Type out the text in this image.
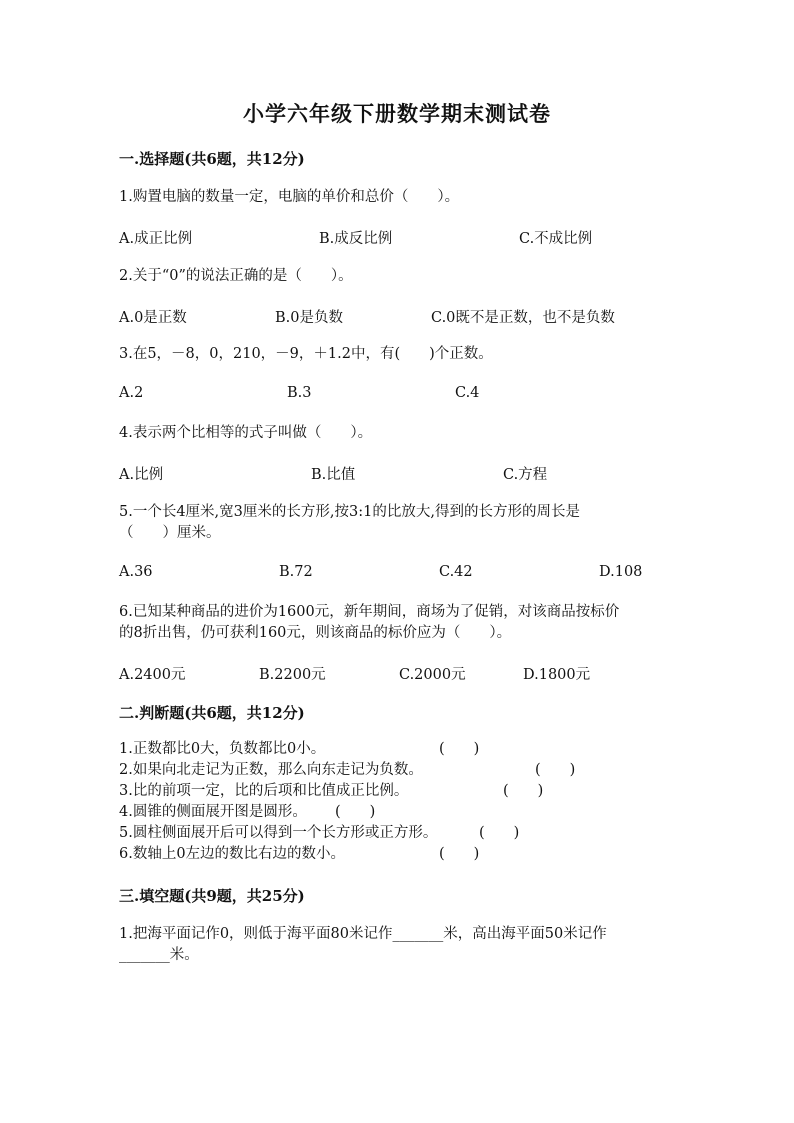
小学六年级下册数学期末测试卷
一.选择题(共6题，共12分)
1.购置电脑的数量一定，电脑的单价和总价（　　）。
A.成正比例	B.成反比例	C.不成比例
2.关于“0”的说法正确的是（　　）。
A.0是正数	B.0是负数	C.0既不是正数，也不是负数
3.在5，－8，0，210，－9，＋1.2中，有(　　)个正数。
A.2	B.3	C.4
4.表示两个比相等的式子叫做（　　）。
A.比例	B.比值	C.方程
5.一个长4厘米,宽3厘米的长方形,按3:1的比放大,得到的长方形的周长是
（　　）厘米。
A.36	B.72	C.42	D.108
6.已知某种商品的进价为1600元，新年期间，商场为了促销，对该商品按标价
的8折出售，仍可获利160元，则该商品的标价应为（　　）。
A.2400元	B.2200元	C.2000元	D.1800元
二.判断题(共6题，共12分)
1.正数都比0大，负数都比0小。	(　　)
2.如果向北走记为正数，那么向东走记为负数。	(　　)
3.比的前项一定，比的后项和比值成正比例。	(　　)
4.圆锥的侧面展开图是圆形。 (　　)
5.圆柱侧面展开后可以得到一个长方形或正方形。	(　　)
6.数轴上0左边的数比右边的数小。	(　　)
三.填空题(共9题，共25分)
1.把海平面记作0，则低于海平面80米记作_______米，高出海平面50米记作
_______米。
